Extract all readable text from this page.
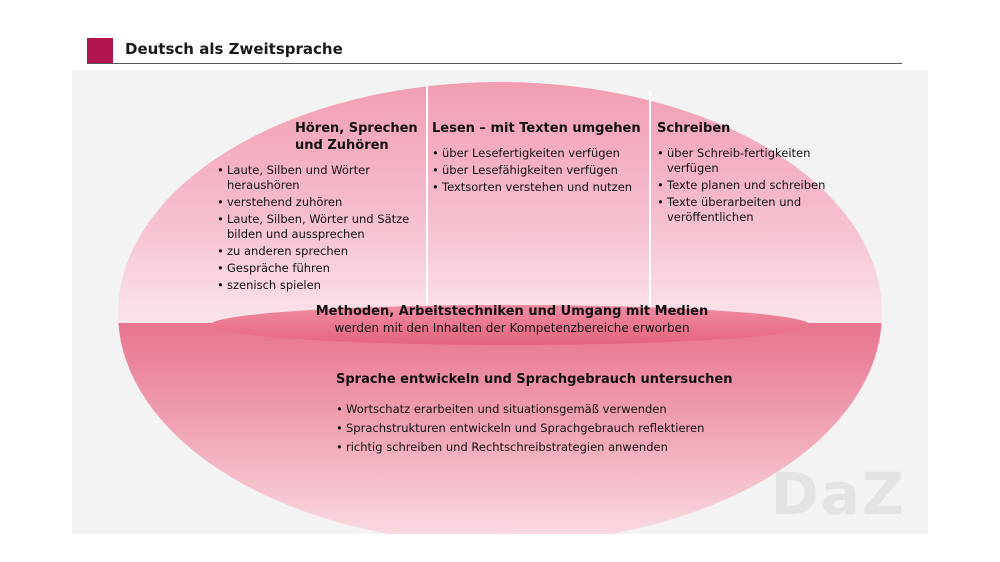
Deutsch als Zweitsprache
DaZ
Hören, Sprechen und Zuhören
• Laute, Silben und Wörter heraushören
• verstehend zuhören
• Laute, Silben, Wörter und Sätze bilden und aussprechen
• zu anderen sprechen
• Gespräche führen
• szenisch spielen
Lesen – mit Texten umgehen
• über Lesefertigkeiten verfügen
• über Lesefähigkeiten verfügen
• Textsorten verstehen und nutzen
Schreiben
• über Schreib-fertigkeiten verfügen
• Texte planen und schreiben
• Texte überarbeiten und veröffentlichen
Methoden, Arbeitstechniken und Umgang mit Medien
werden mit den Inhalten der Kompetenzbereiche erworben
Sprache entwickeln und Sprachgebrauch untersuchen
• Wortschatz erarbeiten und situationsgemäß verwenden
• Sprachstrukturen entwickeln und Sprachgebrauch reflektieren
• richtig schreiben und Rechtschreibstrategien anwenden
